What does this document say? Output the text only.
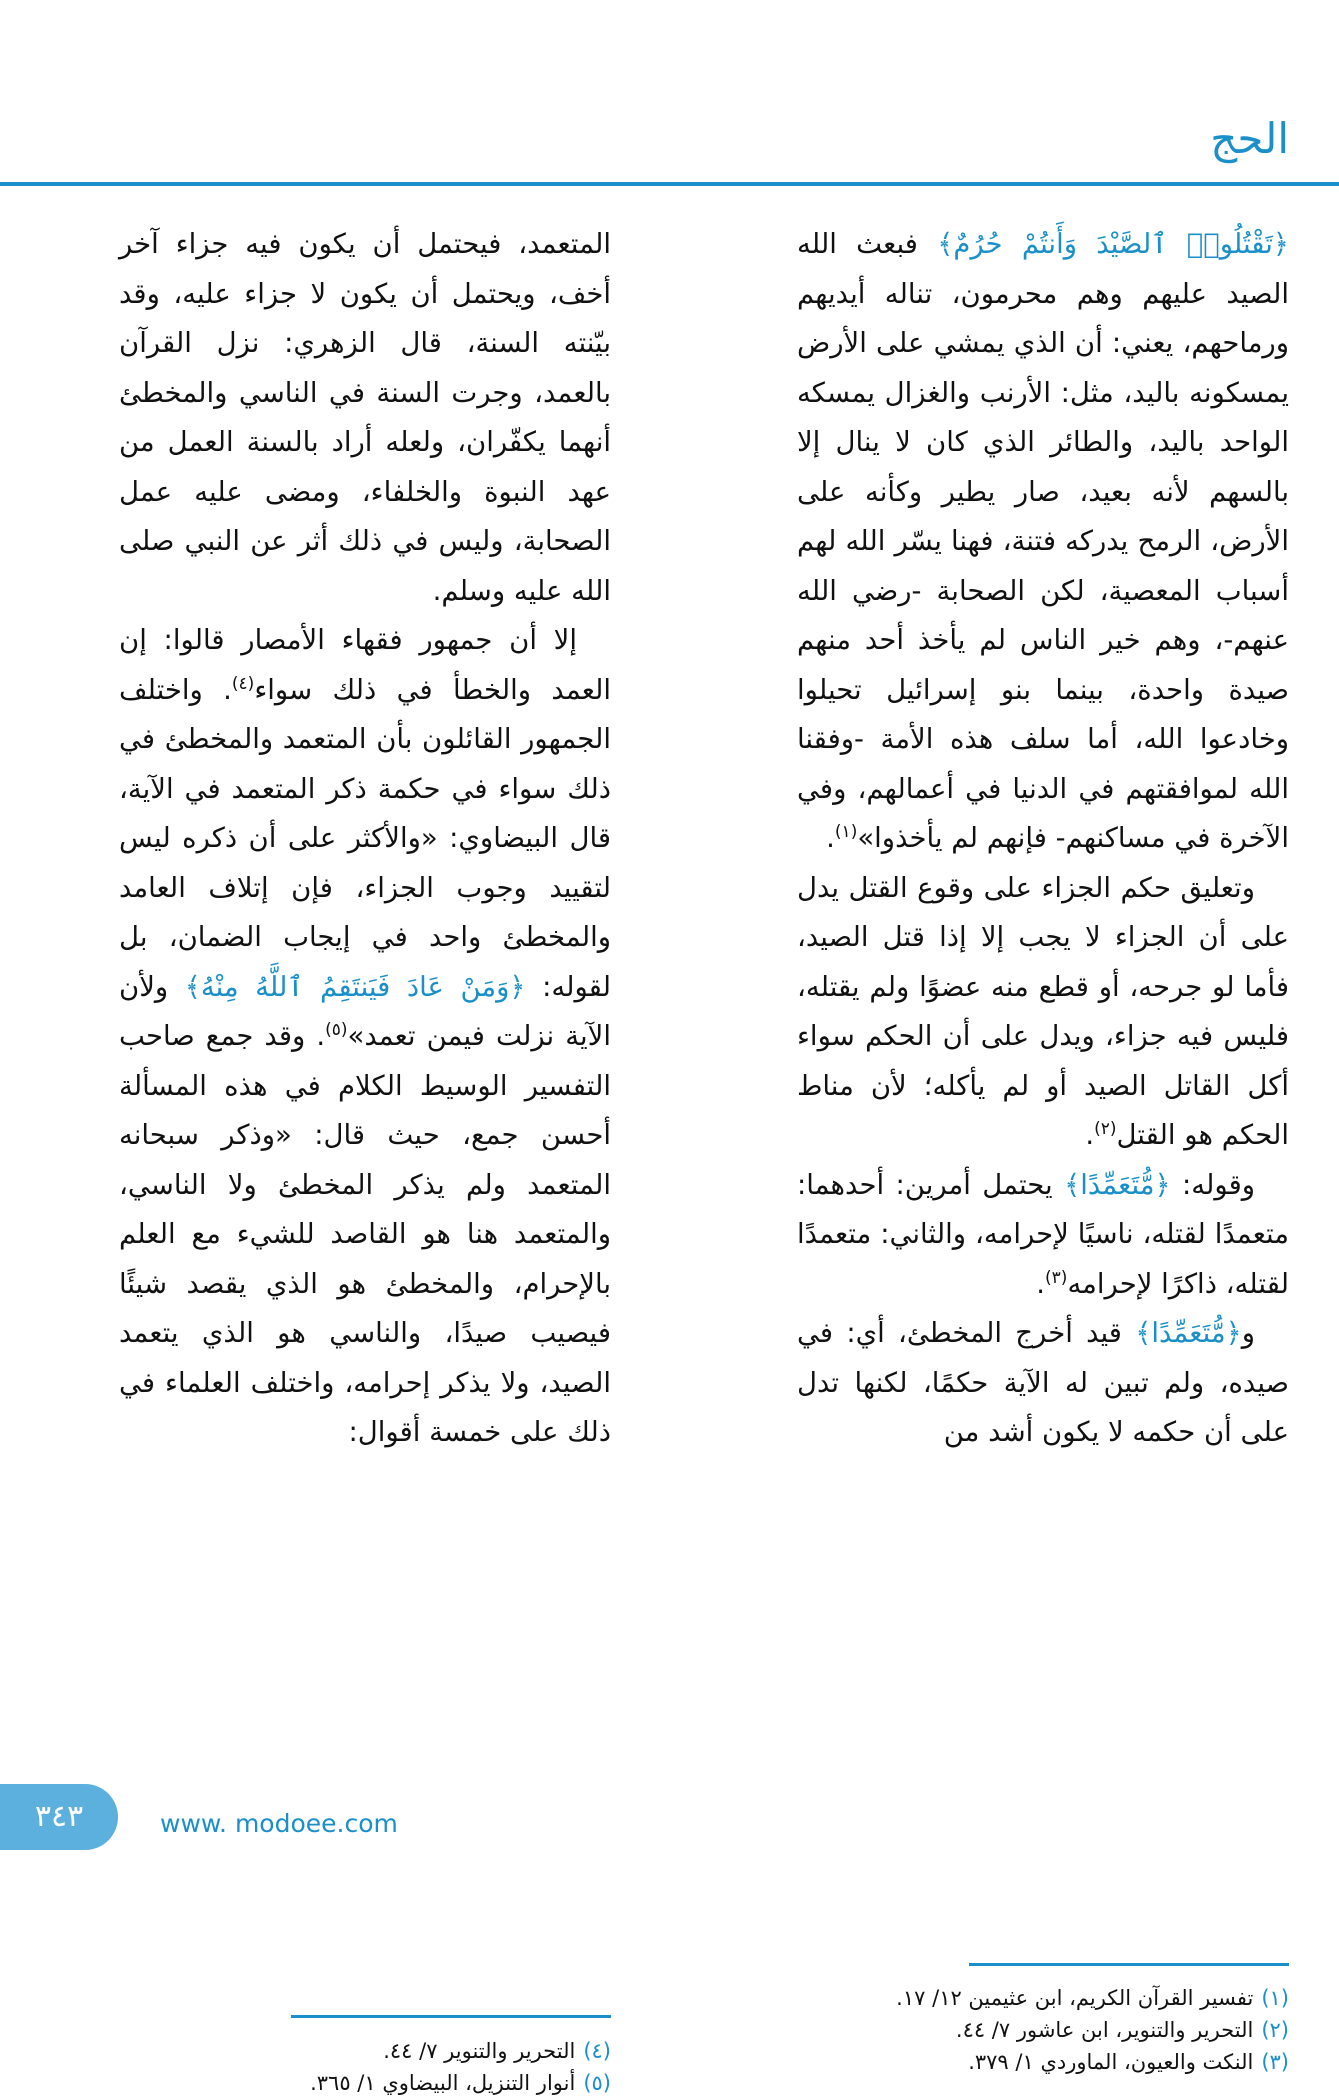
الحج

﴿تَقْتُلُوا۟ ٱلصَّيْدَ وَأَنتُمْ حُرُمٌ﴾ فبعث الله الصيد عليهم وهم محرمون، تناله أيديهم ورماحهم، يعني: أن الذي يمشي على الأرض يمسكونه باليد، مثل: الأرنب والغزال يمسكه الواحد باليد، والطائر الذي كان لا ينال إلا بالسهم لأنه بعيد، صار يطير وكأنه على الأرض، الرمح يدركه فتنة، فهنا يسّر الله لهم أسباب المعصية، لكن الصحابة -رضي الله عنهم-، وهم خير الناس لم يأخذ أحد منهم صيدة واحدة، بينما بنو إسرائيل تحيلوا وخادعوا الله، أما سلف هذه الأمة -وفقنا الله لموافقتهم في الدنيا في أعمالهم، وفي الآخرة في مساكنهم- فإنهم لم يأخذوا»$^{(١)}$.

وتعليق حكم الجزاء على وقوع القتل يدل على أن الجزاء لا يجب إلا إذا قتل الصيد، فأما لو جرحه، أو قطع منه عضوًا ولم يقتله، فليس فيه جزاء، ويدل على أن الحكم سواء أكل القاتل الصيد أو لم يأكله؛ لأن مناط الحكم هو القتل$^{(٢)}$.

وقوله: ﴿مُّتَعَمِّدًا﴾ يحتمل أمرين: أحدهما: متعمدًا لقتله، ناسيًا لإحرامه، والثاني: متعمدًا لقتله، ذاكرًا لإحرامه$^{(٣)}$.

و﴿مُّتَعَمِّدًا﴾ قيد أخرج المخطئ، أي: في صيده، ولم تبين له الآية حكمًا، لكنها تدل على أن حكمه لا يكون أشد من

المتعمد، فيحتمل أن يكون فيه جزاء آخر أخف، ويحتمل أن يكون لا جزاء عليه، وقد بيّنته السنة، قال الزهري: نزل القرآن بالعمد، وجرت السنة في الناسي والمخطئ أنهما يكفّران، ولعله أراد بالسنة العمل من عهد النبوة والخلفاء، ومضى عليه عمل الصحابة، وليس في ذلك أثر عن النبي صلى الله عليه وسلم.

إلا أن جمهور فقهاء الأمصار قالوا: إن العمد والخطأ في ذلك سواء$^{(٤)}$. واختلف الجمهور القائلون بأن المتعمد والمخطئ في ذلك سواء في حكمة ذكر المتعمد في الآية، قال البيضاوي: «والأكثر على أن ذكره ليس لتقييد وجوب الجزاء، فإن إتلاف العامد والمخطئ واحد في إيجاب الضمان، بل لقوله: ﴿وَمَنْ عَادَ فَيَنتَقِمُ ٱللَّهُ مِنْهُ﴾ ولأن الآية نزلت فيمن تعمد»$^{(٥)}$. وقد جمع صاحب التفسير الوسيط الكلام في هذه المسألة أحسن جمع، حيث قال: «وذكر سبحانه المتعمد ولم يذكر المخطئ ولا الناسي، والمتعمد هنا هو القاصد للشيء مع العلم بالإحرام، والمخطئ هو الذي يقصد شيئًا فيصيب صيدًا، والناسي هو الذي يتعمد الصيد، ولا يذكر إحرامه، واختلف العلماء في ذلك على خمسة أقوال:

(١)تفسير القرآن الكريم، ابن عثيمين ١٢/ ١٧.

(٢)التحرير والتنوير، ابن عاشور ٧/ ٤٤.

(٣)النكت والعيون، الماوردي ١/ ٣٧٩.

(٤)التحرير والتنوير ٧/ ٤٤.

(٥)أنوار التنزيل، البيضاوي ١/ ٣٦٥.

٣٤٣	www. modoee.com
